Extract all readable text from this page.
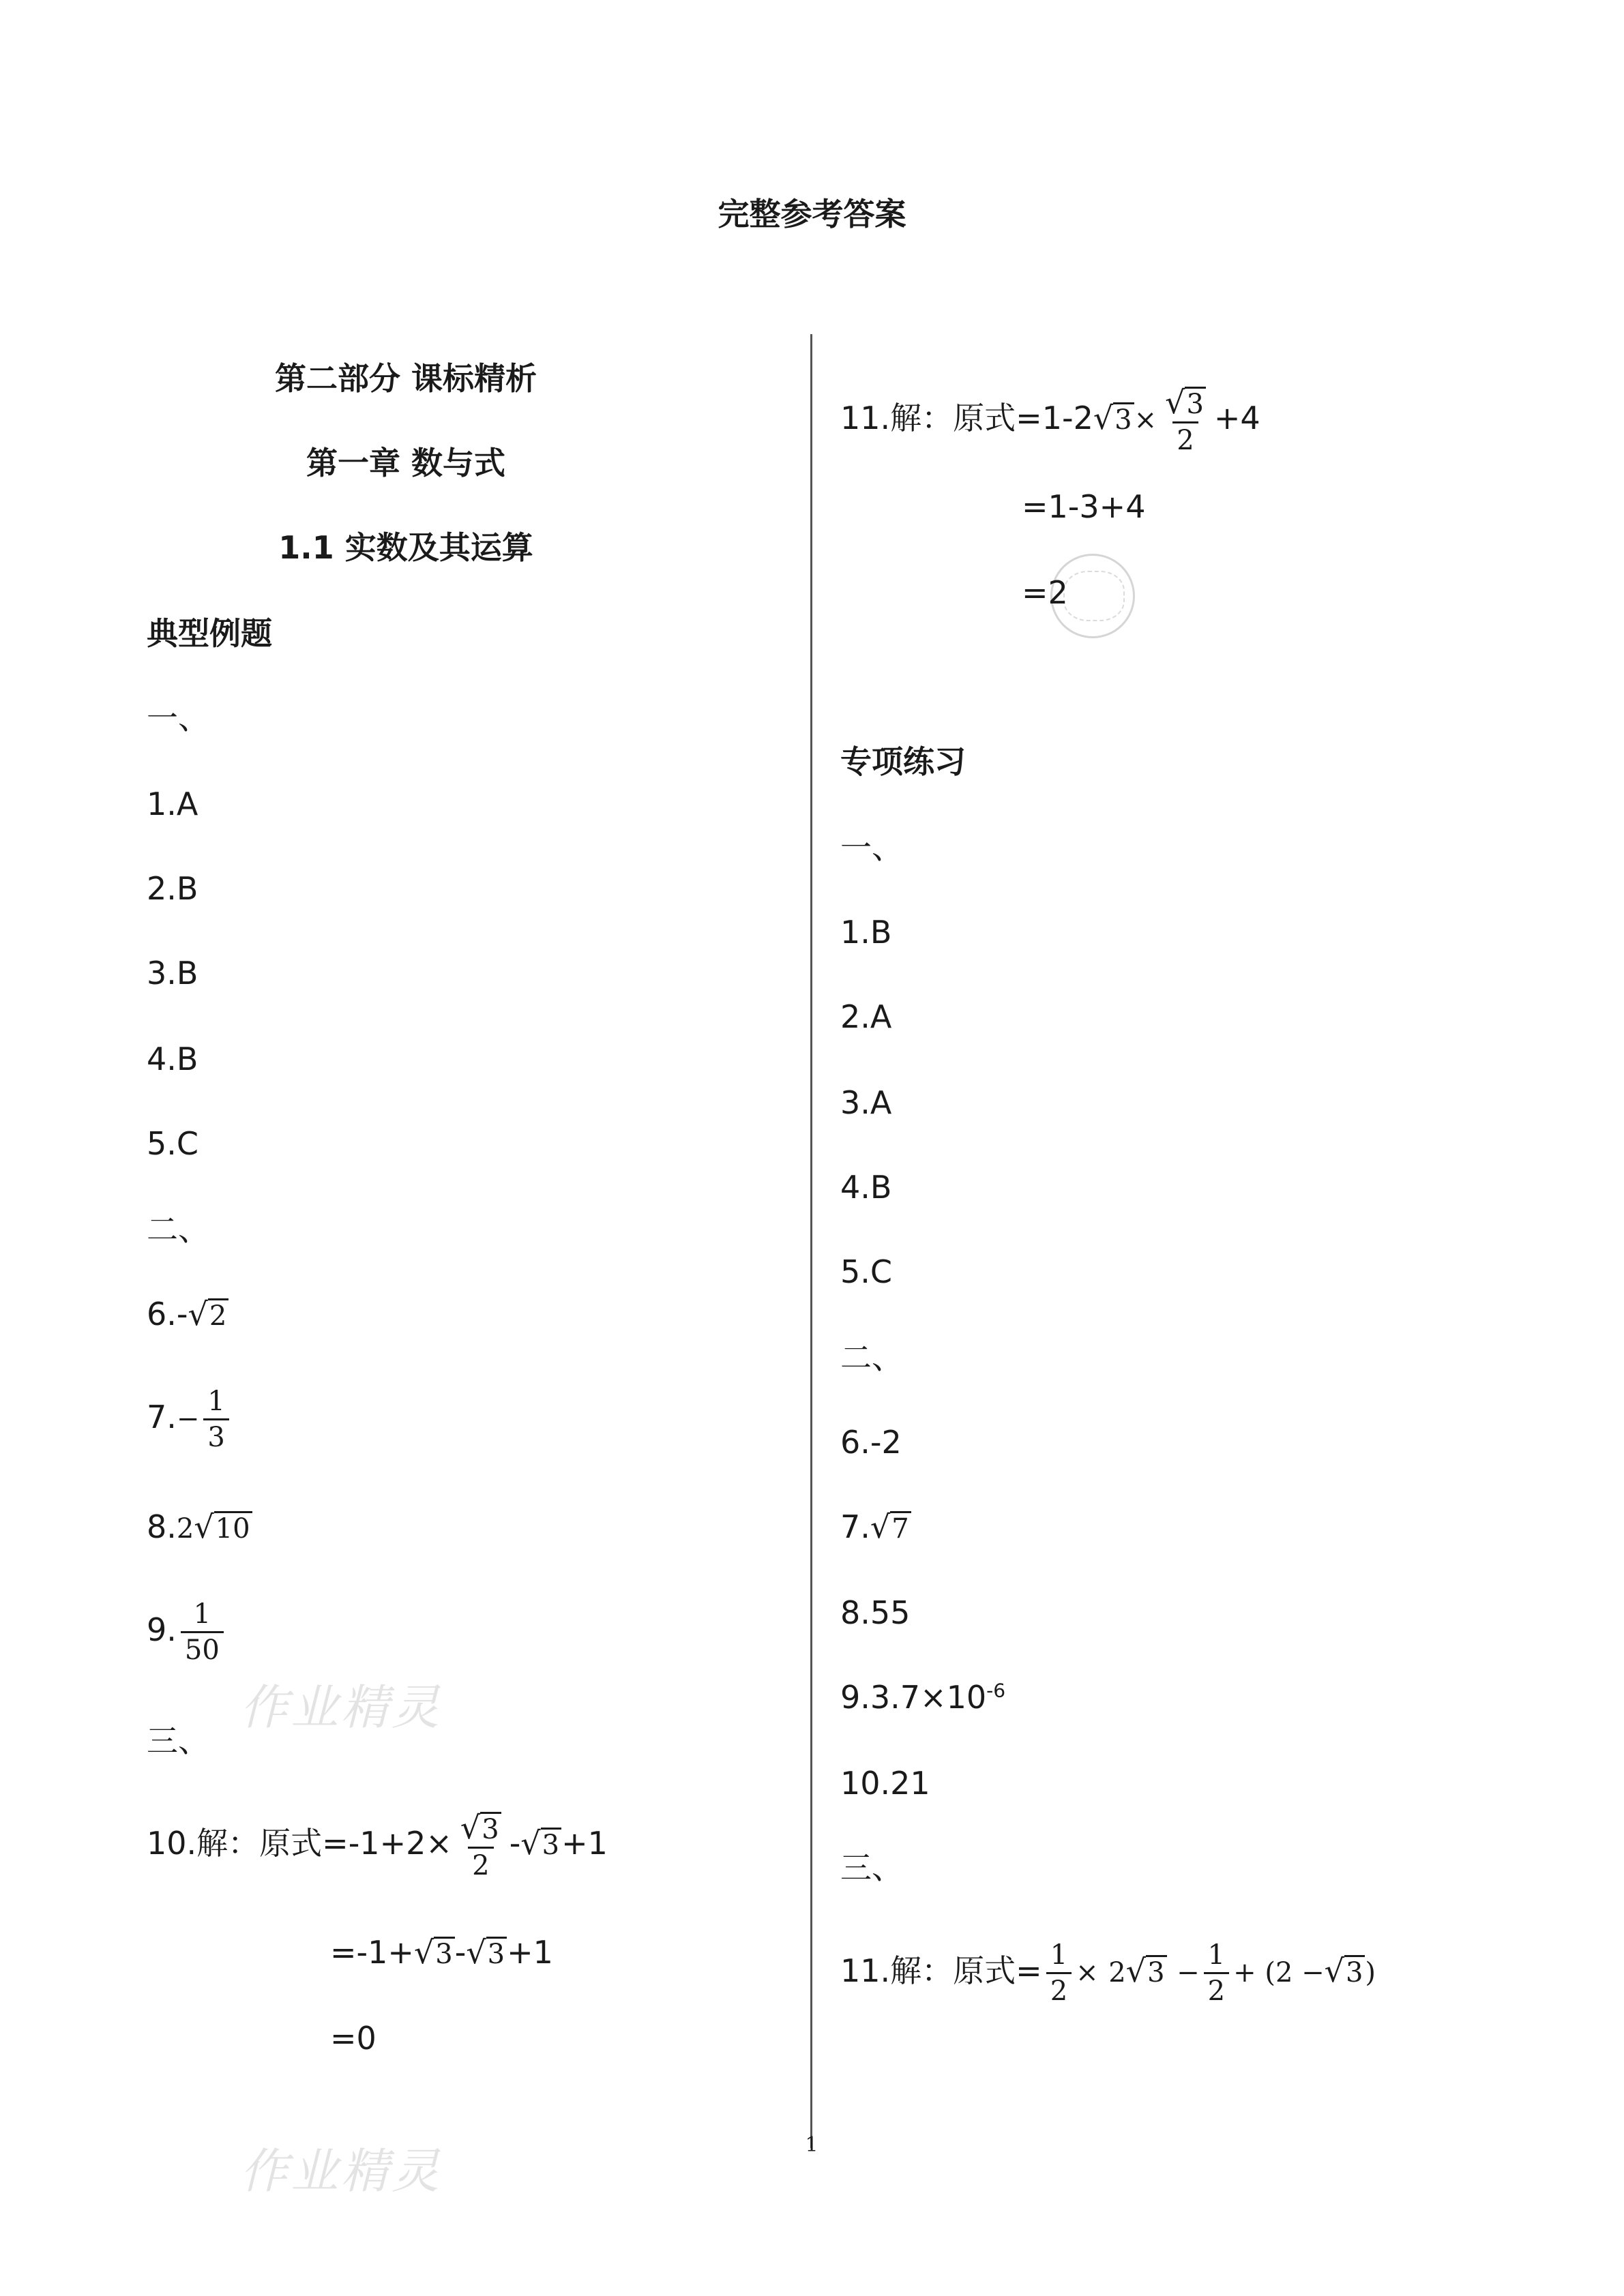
完整参考答案
作业精灵
作业精灵	1
第二部分 课标精析
第一章 数与式
1.1 实数及其运算
典型例题
一、
1.A
2.B
3.B
4.B
5.C
二、
6.-√2
$7.- \frac{1}{3}$
8.2√10
9. $\frac{1}{50}$
三、
10.解：原式$=-1+2\times \frac{√3}{2} -√3+1$
=-1+√3-√3+1
=0
11.解：原式$=1-2√3\times \frac{√3}{2} +4$
=1-3+4
=2
专项练习
一、
1.B
2.A
3.A
4.B
5.C
二、
6.-2
7.√7
8.55
$9.3.7\times 10^{-6}$
10.21
三、
11.解：原式= $\frac{1}{2} \times 2√3 - \frac{1}{2} + (2 -√3)$
